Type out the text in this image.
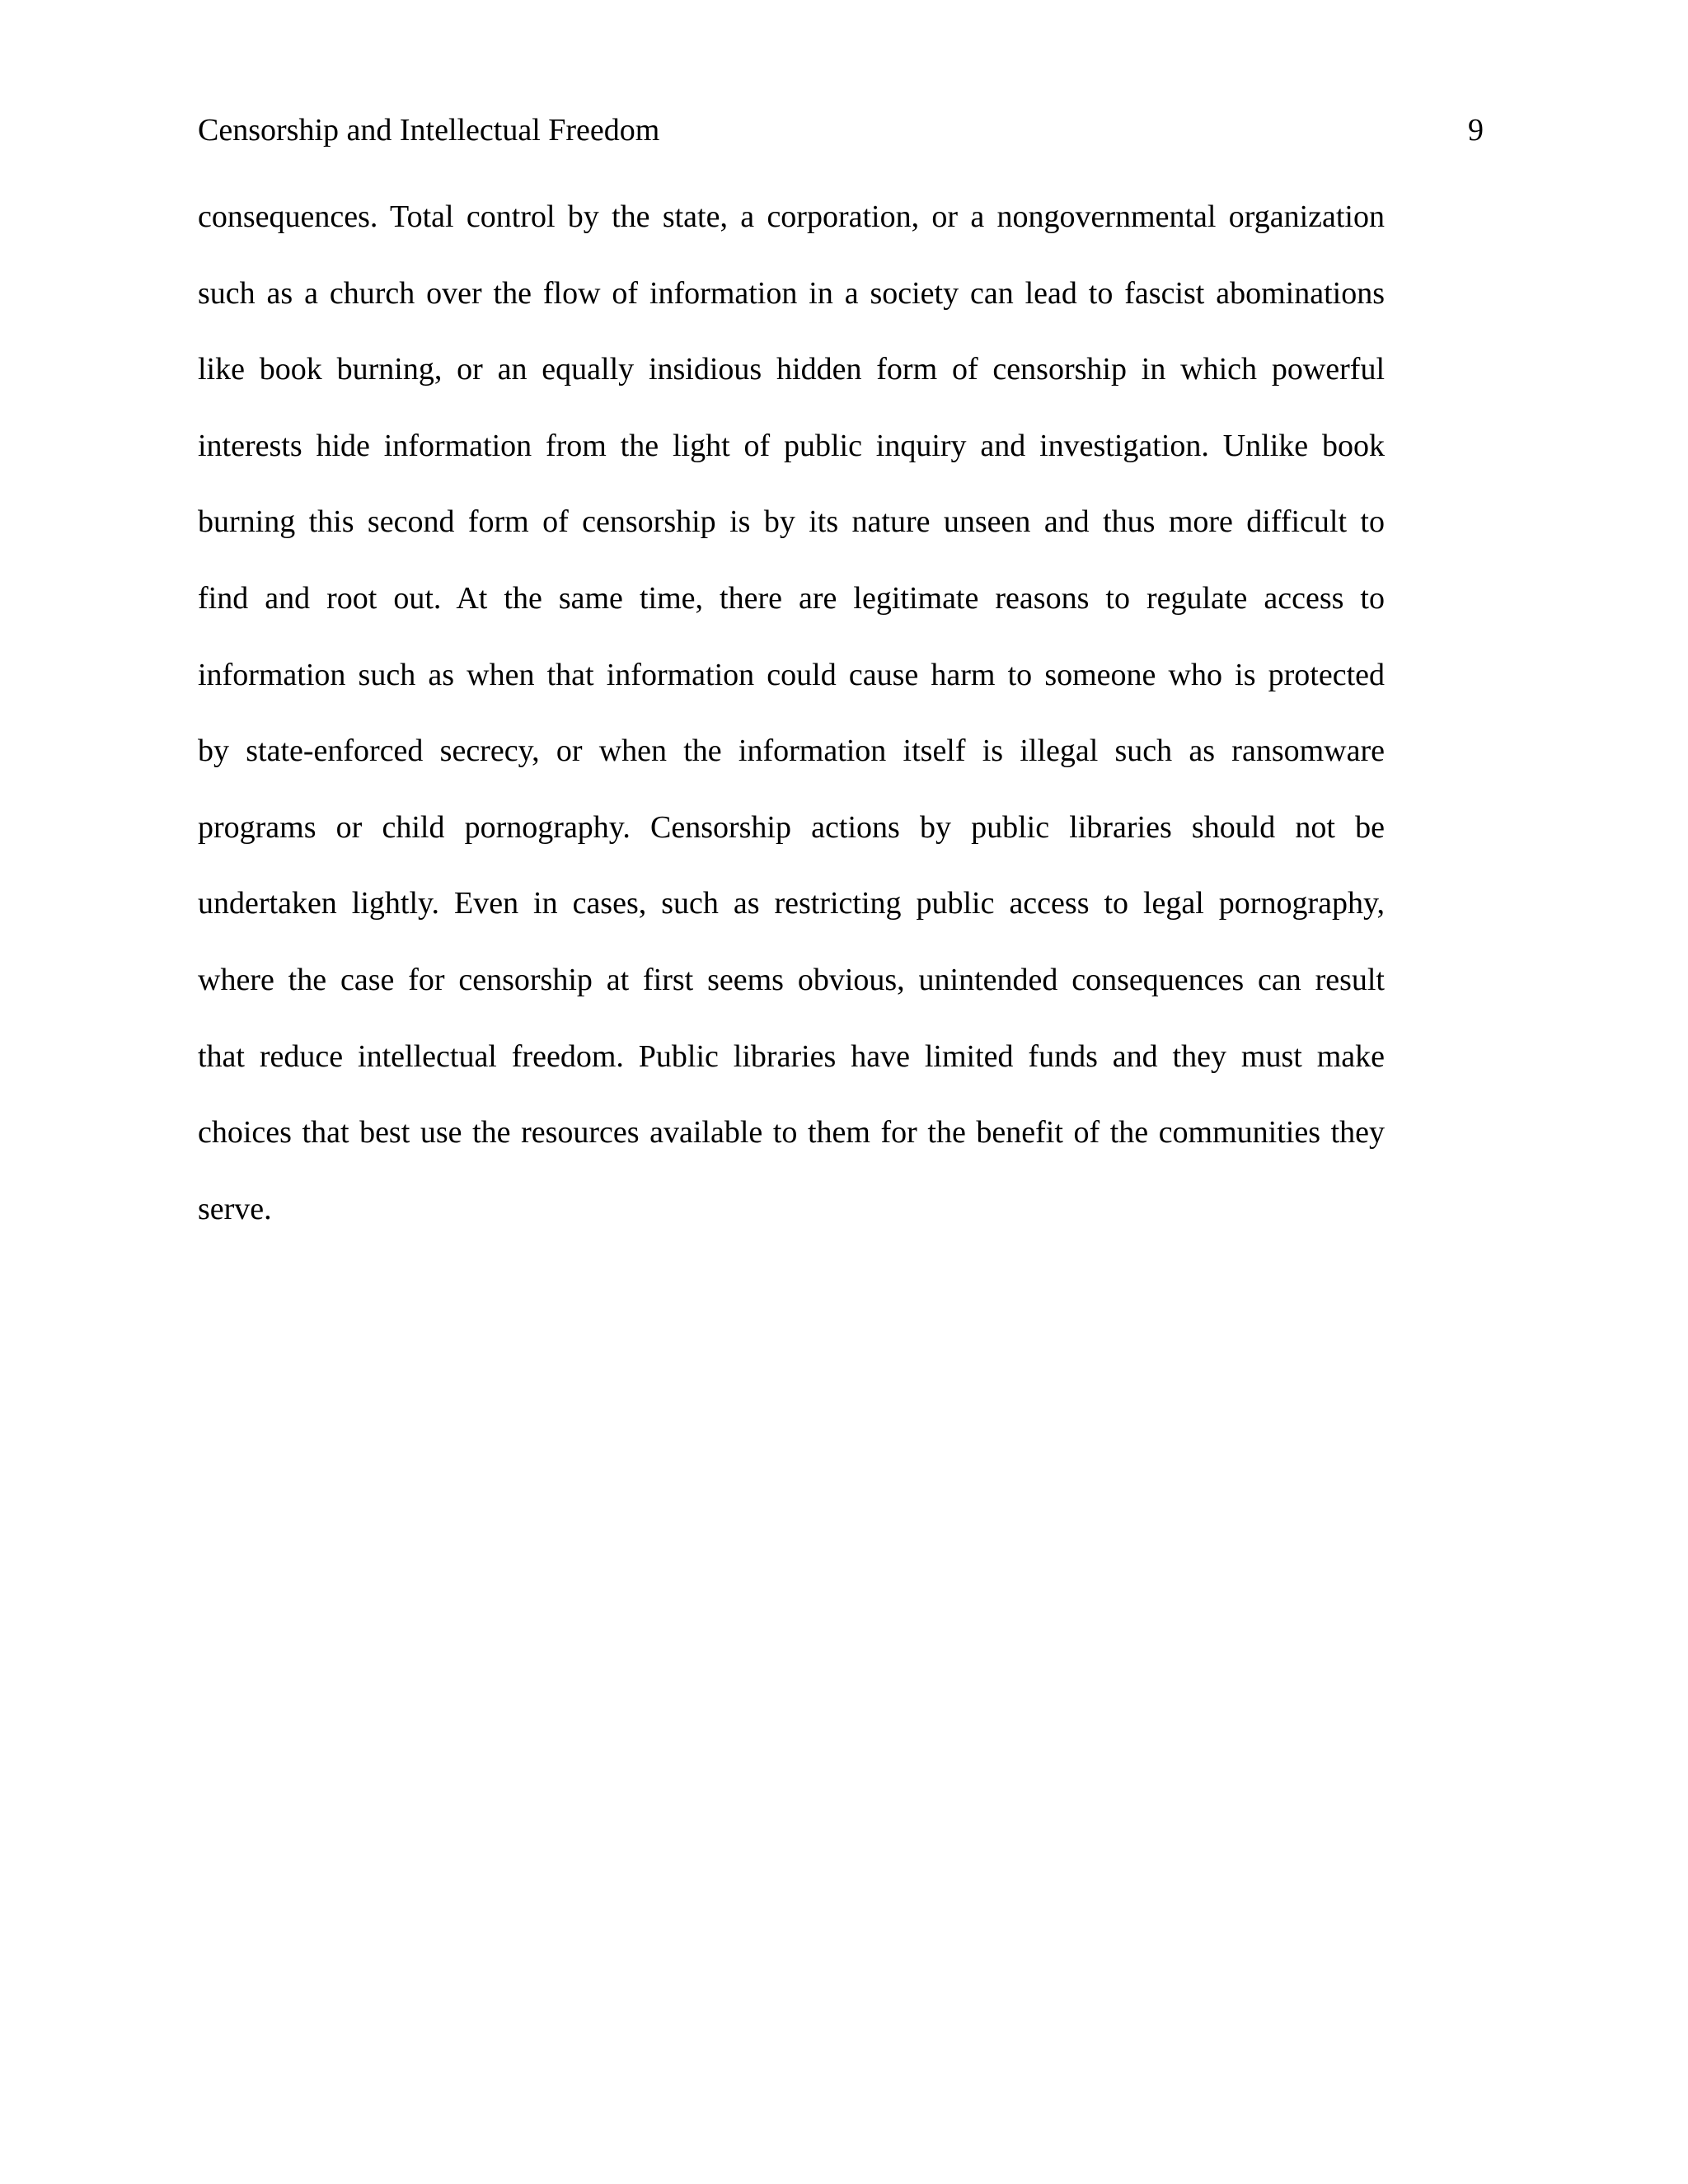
Censorship and Intellectual Freedom	9
consequences. Total control by the state, a corporation, or a nongovernmental organization
such as a church over the flow of information in a society can lead to fascist abominations
like book burning, or an equally insidious hidden form of censorship in which powerful
interests hide information from the light of public inquiry and investigation. Unlike book
burning this second form of censorship is by its nature unseen and thus more difficult to
find and root out. At the same time, there are legitimate reasons to regulate access to
information such as when that information could cause harm to someone who is protected
by state-enforced secrecy, or when the information itself is illegal such as ransomware
programs or child pornography. Censorship actions by public libraries should not be
undertaken lightly. Even in cases, such as restricting public access to legal pornography,
where the case for censorship at first seems obvious, unintended consequences can result
that reduce intellectual freedom. Public libraries have limited funds and they must make
choices that best use the resources available to them for the benefit of the communities they
serve.
